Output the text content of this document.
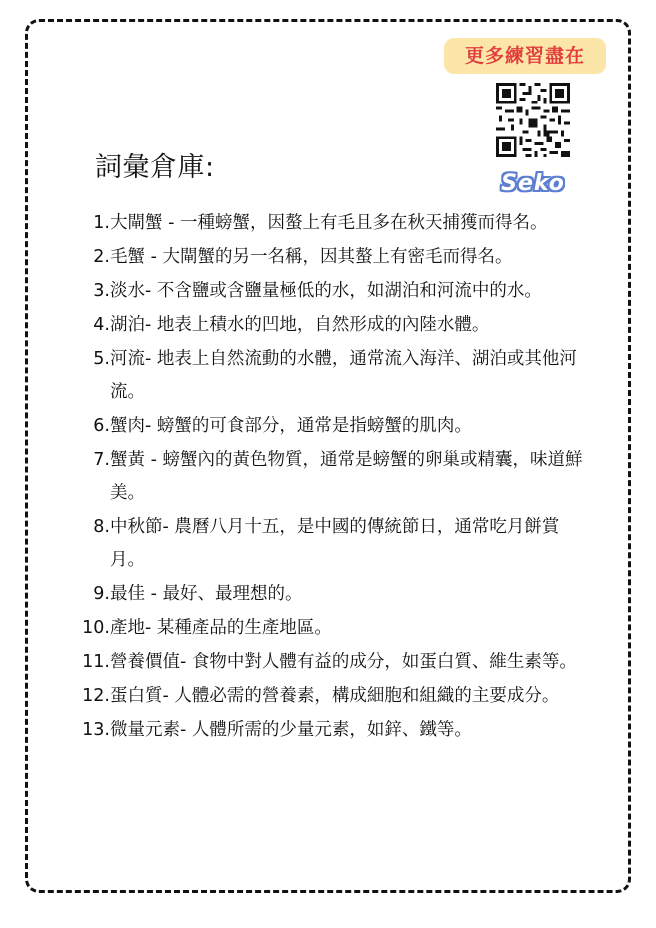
更多練習盡在
Seko
詞彙倉庫:
1. 大閘蟹 - 一種螃蟹，因螯上有毛且多在秋天捕獲而得名。
2. 毛蟹 - 大閘蟹的另一名稱，因其螯上有密毛而得名。
3. 淡水- 不含鹽或含鹽量極低的水，如湖泊和河流中的水。
4. 湖泊- 地表上積水的凹地，自然形成的內陸水體。
5. 河流- 地表上自然流動的水體，通常流入海洋、湖泊或其他河流。
6. 蟹肉- 螃蟹的可食部分，通常是指螃蟹的肌肉。
7. 蟹黃 - 螃蟹內的黃色物質，通常是螃蟹的卵巢或精囊，味道鮮美。
8. 中秋節- 農曆八月十五，是中國的傳統節日，通常吃月餅賞月。
9. 最佳 - 最好、最理想的。
10. 產地- 某種產品的生產地區。
11. 營養價值- 食物中對人體有益的成分，如蛋白質、維生素等。
12. 蛋白質- 人體必需的營養素，構成細胞和組織的主要成分。
13. 微量元素- 人體所需的少量元素，如鋅、鐵等。
